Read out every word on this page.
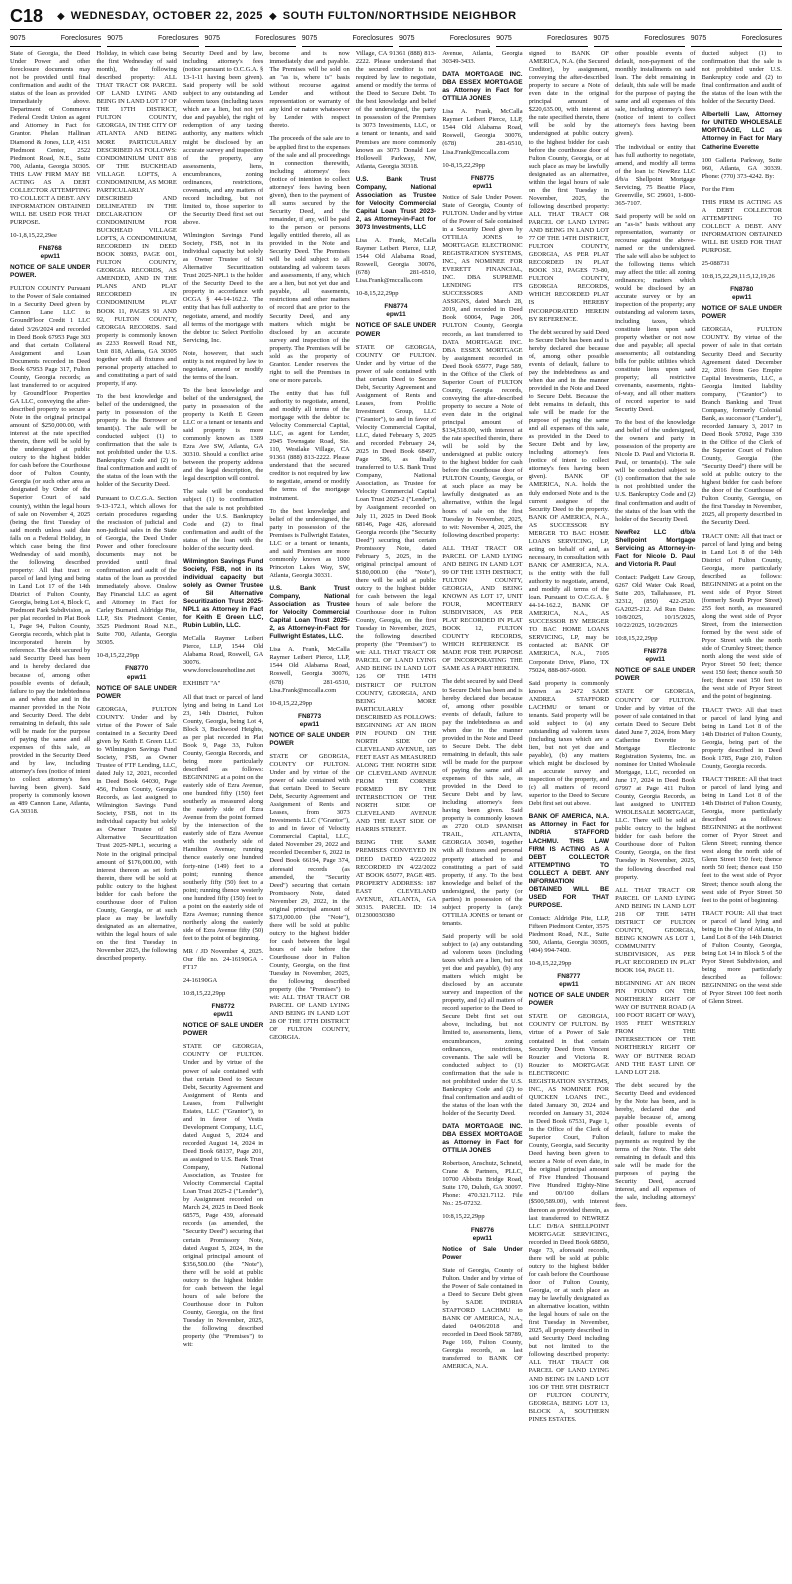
C18 ◆ WEDNESDAY, OCTOBER 22, 2025 ◆ SOUTH FULTON/NORTHSIDE NEIGHBOR
9075	Foreclosures 9075	Foreclosures 9075	Foreclosures 9075	Foreclosures 9075	Foreclosures 9075	Foreclosures 9075	Foreclosures 9075	Foreclosures

State of Georgia, the Deed Under Power and other foreclosure documents may not be provided until final confirmation and audit of the status of the loan as provided immediately above. Department of Commerce Federal Credit Union as agent and Attorney in Fact for Grantor. Phelan Hallinan Diamond & Jones, LLP, 4151 Piedmont Center, 2522 Piedmont Road, N.E., Suite 700, Atlanta, Georgia 30305. THIS LAW FIRM MAY BE ACTING AS A DEBT COLLECTOR ATTEMPTING TO COLLECT A DEBT. ANY INFORMATION OBTAINED WILL BE USED FOR THAT PURPOSE.

10-1,8,15,22,29ee

FN8768
epw11

NOTICE OF SALE UNDER POWER.

FULTON COUNTY Pursuant to the Power of Sale contained in a Security Deed given by Cannon Lane LLC to GroundFloor Credit 1 LLC dated 3/26/2024 and recorded in Deed Book 67953 Page 303 and that certain Collateral Assignment and Loan Documents recorded in Deed Book 67953 Page 317, Fulton County, Georgia records; as last transferred to or acquired by GroundFloor Properties GA LLC, conveying the after-described property to secure a Note in the original principal amount of $250,000.00, with interest at the rate specified therein, there will be sold by the undersigned at public outcry to the highest bidder for cash before the Courthouse door of Fulton County, Georgia (or such other area as designated by Order of the Superior Court of said county), within the legal hours of sale on November 4, 2025 (being the first Tuesday of said month unless said date falls on a Federal Holiday, in which case being the first Wednesday of said month), the following described property: All that tract or parcel of land lying and being in Land Lot 17 of the 14th District of Fulton County, Georgia, being Lot 4, Block C, Piedmont Park Subdivision, as per plat recorded in Plat Book 1, Page 94, Fulton County, Georgia records, which plat is incorporated herein by reference. The debt secured by said Security Deed has been and is hereby declared due because of, among other possible events of default, failure to pay the indebtedness as and when due and in the manner provided in the Note and Security Deed. The debt remaining in default, this sale will be made for the purpose of paying the same and all expenses of this sale, as provided in the Security Deed and by law, including attorney's fees (notice of intent to collect attorney's fees having been given). Said property is commonly known as 489 Cannon Lane, Atlanta, GA 30318.

Holiday, in which case being the first Wednesday of said month), the following described property: ALL THAT TRACT OR PARCEL OF LAND LYING AND BEING IN LAND LOT 17 OF THE 17TH DISTRICT, FULTON COUNTY, GEORGIA, IN THE CITY OF ATLANTA AND BEING MORE PARTICULARLY DESCRIBED AS FOLLOWS: CONDOMINIUM UNIT 818 OF THE BUCKHEAD VILLAGE LOFTS, A CONDOMINIUM, AS MORE PARTICULARLY DESCRIBED AND DELINEATED IN THE DECLARATION OF CONDOMINIUM FOR BUCKHEAD VILLAGE LOFTS, A CONDOMINIUM, RECORDED IN DEED BOOK 30893, PAGE 001, FULTON COUNTY, GEORGIA RECORDS, AS AMENDED, AND IN THE PLANS AND PLAT RECORDED IN CONDOMINIUM PLAT BOOK 11, PAGES 91 AND 92, FULTON COUNTY, GEORGIA RECORDS. Said property is commonly known as 2233 Roswell Road NE, Unit 818, Atlanta, GA 30305 together with all fixtures and personal property attached to and constituting a part of said property, if any.

To the best knowledge and belief of the undersigned, the party in possession of the property is the Borrower or tenant(s). The sale will be conducted subject (1) to confirmation that the sale is not prohibited under the U.S. Bankruptcy Code and (2) to final confirmation and audit of the status of the loan with the holder of the Security Deed.

Pursuant to O.C.G.A. Section 9-13-172.1, which allows for certain procedures regarding the rescission of judicial and non-judicial sales in the State of Georgia, the Deed Under Power and other foreclosure documents may not be provided until final confirmation and audit of the status of the loan as provided immediately above. Onslow Bay Financial LLC as agent and Attorney in Fact for Carley Burnard. Aldridge Pite, LLP, Six Piedmont Center, 3525 Piedmont Road N.E., Suite 700, Atlanta, Georgia 30305.

10-8,15,22,29pp

FN8770
epw11

NOTICE OF SALE UNDER POWER

GEORGIA, FULTON COUNTY. Under and by virtue of the Power of Sale contained in a Security Deed given by Keith E Green LLC to Wilmington Savings Fund Society, FSB, as Owner Trustee of FTF Lending, LLC, dated July 12, 2021, recorded in Deed Book 64030, Page 456, Fulton County, Georgia Records, as last assigned to Wilmington Savings Fund Society, FSB, not in its individual capacity but solely as Owner Trustee of Sil Alternative Securitization Trust 2025-NPL1, securing a Note in the original principal amount of $176,000.00, with interest thereon as set forth therein, there will be sold at public outcry to the highest bidder for cash before the courthouse door of Fulton County, Georgia, or at such place as may be lawfully designated as an alternative, within the legal hours of sale on the first Tuesday in November 2025, the following described property.

Security Deed and by law, including attorney's fees (notice pursuant to O.C.G.A. § 13-1-11 having been given). Said property will be sold subject to any outstanding ad valorem taxes (including taxes which are a lien, but not yet due and payable), the right of redemption of any taxing authority, any matters which might be disclosed by an accurate survey and inspection of the property, any assessments, liens, encumbrances, zoning ordinances, restrictions, covenants, and any matters of record including, but not limited to, those superior to the Security Deed first set out above.

Wilmington Savings Fund Society, FSB, not in its individual capacity but solely as Owner Trustee of Sil Alternative Securitization Trust 2025-NPL1 is the holder of the Security Deed to the property in accordance with OCGA § 44-14-162.2. The entity that has full authority to negotiate, amend, and modify all terms of the mortgage with the debtor is: Select Portfolio Servicing, Inc.

Note, however, that such entity is not required by law to negotiate, amend or modify the terms of the loan.

To the best knowledge and belief of the undersigned, the party in possession of the property is Keith E Green LLC or a tenant or tenants and said property is more commonly known as 1389 Ezra Ave SW, Atlanta, GA 30310. Should a conflict arise between the property address and the legal description, the legal description will control.

The sale will be conducted subject (1) to confirmation that the sale is not prohibited under the U.S. Bankruptcy Code and (2) to final confirmation and audit of the status of the loan with the holder of the security deed.

Wilmington Savings Fund Society, FSB, not in its individual capacity but solely as Owner Trustee of Sil Alternative Securitization Trust 2025-NPL1 as Attorney in Fact for Keith E Green LLC, Rubin Lublin, LLC.

McCalla Raymer Leibert Pierce, LLP, 1544 Old Alabama Road, Roswell, GA 30076. www.foreclosurehotline.net

EXHIBIT "A"

All that tract or parcel of land lying and being in Land Lot 23, 14th District, Fulton County, Georgia, being Lot 4, Block 3, Buckwood Heights, as per plat recorded in Plat Book 9, Page 33, Fulton County, Georgia Records, and being more particularly described as follows: BEGINNING at a point on the easterly side of Ezra Avenue, one hundred fifty (150) feet southerly as measured along the easterly side of Ezra Avenue from the point formed by the intersection of the easterly side of Ezra Avenue with the southerly side of Hamilton Avenue; running thence easterly one hundred forty-nine (149) feet to a point; running thence southerly fifty (50) feet to a point; running thence westerly one hundred fifty (150) feet to a point on the easterly side of Ezra Avenue; running thence northerly along the easterly side of Ezra Avenue fifty (50) feet to the point of beginning.

MR / JD November 4, 2025. Our file no. 24-16190GA - FT17

24-16190GA

10:8,15,22,29pp

FN8772
epw11

NOTICE OF SALE UNDER POWER

STATE OF GEORGIA, COUNTY OF FULTON. Under and by virtue of the power of sale contained with that certain Deed to Secure Debt, Security Agreement and Assignment of Rents and Leases, from Fullwright Estates, LLC ("Grantor"), to and in favor of Vestis Development Company, LLC, dated August 5, 2024 and recorded August 14, 2024 in Deed Book 68137, Page 201, as assigned to U.S. Bank Trust Company, National Association, as Trustee for Velocity Commercial Capital Loan Trust 2025-2 ("Lender"), by Assignment recorded on March 24, 2025 in Deed Book 68575, Page 439, aforesaid records (as amended, the "Security Deed") securing that certain Promissory Note, dated August 5, 2024, in the original principal amount of $356,500.00 (the "Note"), there will be sold at public outcry to the highest bidder for cash between the legal hours of sale before the Courthouse door in Fulton County, Georgia, on the first Tuesday in November, 2025, the following described property (the "Premises") to wit:

become and is now immediately due and payable. The Premises will be sold on an "as is, where is" basis without recourse against Lender and without representation or warranty of any kind or nature whatsoever by Lender with respect thereto.

The proceeds of the sale are to be applied first to the expenses of the sale and all proceedings in connection therewith, including attorneys' fees (notice of intention to collect attorneys' fees having been given), then to the payment of all sums secured by the Security Deed, and the remainder, if any, will be paid to the person or persons legally entitled thereto, all as provided in the Note and Security Deed. The Premises will be sold subject to all outstanding ad valorem taxes and assessments, if any, which are a lien, but not yet due and payable, all easements, restrictions and other matters of record that are prior to the Security Deed, and any matters which might be disclosed by an accurate survey and inspection of the property. The Premises will be sold as the property of Grantor. Lender reserves the right to sell the Premises in one or more parcels.

The entity that has full authority to negotiate, amend, and modify all terms of the mortgage with the debtor is: Velocity Commercial Capital, LLC, as agent for Lender, 2945 Townsgate Road, Ste. 110, Westlake Village, CA 91361 (888) 813-2222. Please understand that the secured creditor is not required by law to negotiate, amend or modify the terms of the mortgage instrument.

To the best knowledge and belief of the undersigned, the party in possession of the Premises is Fullwright Estates, LLC or a tenant or tenants, and said Premises are more commonly known as 1000 Princeton Lakes Way, SW, Atlanta, Georgia 30331.

U.S. Bank Trust Company, National Association as Trustee for Velocity Commercial Capital Loan Trust 2025-2, as Attorney-in-Fact for Fullwright Estates, LLC.

Lisa A. Frank, McCalla Raymer Leibert Pierce, LLP, 1544 Old Alabama Road, Roswell, Georgia 30076, (678) 281-6510, Lisa.Frank@mccalla.com

10-8,15,22,29pp

FN8773
epw11

NOTICE OF SALE UNDER POWER

STATE OF GEORGIA, COUNTY OF FULTON. Under and by virtue of the power of sale contained with that certain Deed to Secure Debt, Security Agreement and Assignment of Rents and Leases, from 3073 Investments LLC ("Grantor"), to and in favor of Velocity Commercial Capital, LLC, dated November 29, 2022 and recorded December 6, 2022 in Deed Book 66194, Page 374, aforesaid records (as amended, the "Security Deed") securing that certain Promissory Note, dated November 29, 2022, in the original principal amount of $173,000.00 (the "Note"), there will be sold at public outcry to the highest bidder for cash between the legal hours of sale before the Courthouse door in Fulton County, Georgia, on the first Tuesday in November, 2025, the following described property (the "Premises") to wit: ALL THAT TRACT OR PARCEL OF LAND LYING AND BEING IN LAND LOT 28 OF THE 17TH DISTRICT OF FULTON COUNTY, GEORGIA.

Village, CA 91361 (888) 813-2222. Please understand that the secured creditor is not required by law to negotiate, amend or modify the terms of the Deed to Secure Debt. To the best knowledge and belief of the undersigned, the party in possession of the Premises is 3073 Investments, LLC, or a tenant or tenants, and said Premises are more commonly known as 3073 Donald Lee Hollowell Parkway, NW, Atlanta, Georgia 30318.

U.S. Bank Trust Company, National Association as Trustee for Velocity Commercial Capital Loan Trust 2023-2, as Attorney-in-Fact for 3073 Investments, LLC

Lisa A. Frank, McCalla Raymer Leibert Pierce, LLP, 1544 Old Alabama Road, Roswell, Georgia 30076, (678) 281-6510, Lisa.Frank@mccalla.com

10-8,15,22,29pp

FN8774
epw11

NOTICE OF SALE UNDER POWER

STATE OF GEORGIA, COUNTY OF FULTON. Under and by virtue of the power of sale contained with that certain Deed to Secure Debt, Security Agreement and Assignment of Rents and Leases, from Prolific Investment Group, LLC ("Grantor"), to and in favor of Velocity Commercial Capital, LLC, dated February 5, 2025 and recorded February 24, 2025 in Deed Book 68497, Page 586, as finally transferred to U.S. Bank Trust Company, National Association, as Trustee for Velocity Commercial Capital Loan Trust 2025-2 ("Lender"), by Assignment recorded on July 11, 2025 in Deed Book 68146, Page 426, aforesaid Georgia records (the "Security Deed") securing that certain Promissory Note, dated February 5, 2025, in the original principal amount of $180,000.00 (the "Note"), there will be sold at public outcry to the highest bidder for cash between the legal hours of sale before the Courthouse door in Fulton County, Georgia, on the first Tuesday in November, 2025, the following described property (the "Premises") to wit: ALL THAT TRACT OR PARCEL OF LAND LYING AND BEING IN LAND LOT 126 OF THE 14TH DISTRICT OF FULTON COUNTY, GEORGIA, AND BEING MORE PARTICULARLY DESCRIBED AS FOLLOWS: BEGINNING AT AN IRON PIN FOUND ON THE NORTH SIDE OF CLEVELAND AVENUE, 185 FEET EAST AS MEASURED ALONG THE NORTH SIDE OF CLEVELAND AVENUE FROM THE CORNER FORMED BY THE INTERSECTION OF THE NORTH SIDE OF CLEVELAND AVENUE AND THE EAST SIDE OF HARRIS STREET.

BEING THE SAME PREMISES CONVEYED IN DEED DATED 4/22/2022 RECORDED IN 4/22/2022 AT BOOK 65077, PAGE 485. PROPERTY ADDRESS: 187 EAST CLEVELAND AVENUE, ATLANTA, GA 30315. PARCEL ID: 14 012300030380

Avenue, Atlanta, Georgia 30349-3433.

DATA MORTGAGE INC. DBA ESSEX MORTGAGE as Attorney in Fact for OTTILIA JONES

Lisa A. Frank, McCalla Raymer Leibert Pierce, LLP, 1544 Old Alabama Road, Roswell, Georgia 30076, (678) 281-6510, Lisa.Frank@mccalla.com

10-8,15,22,29pp

FN8775
epw11

Notice of Sale Under Power. State of Georgia, County of FULTON. Under and by virtue of the Power of Sale contained in a Security Deed given by OTTILIA JONES to MORTGAGE ELECTRONIC REGISTRATION SYSTEMS, INC., AS NOMINEE FOR EVERETT FINANCIAL, INC. DBA SUPREME LENDING ITS SUCCESSORS AND ASSIGNS, dated March 28, 2019, and recorded in Deed Book 60064, Page 206, FULTON County, Georgia records, as last transferred to DATA MORTGAGE INC. DBA ESSEX MORTGAGE by assignment recorded in Deed Book 65977, Page 589, in the Office of the Clerk of Superior Court of FULTON County, Georgia records, conveying the after-described property to secure a Note of even date in the original principal amount of $134,518.00, with interest at the rate specified therein, there will be sold by the undersigned at public outcry to the highest bidder for cash before the courthouse door of FULTON County, Georgia, or at such place as may be lawfully designated as an alternative, within the legal hours of sale on the first Tuesday in November, 2025, to wit: November 4, 2025, the following described property:

ALL THAT TRACT OR PARCEL OF LAND LYING AND BEING IN LAND LOT 99 OF THE 13TH DISTRICT, FULTON COUNTY, GEORGIA, AND BEING KNOWN AS LOT 17, UNIT FOUR, MONTEREY SUBDIVISION, AS PER PLAT RECORDED IN PLAT BOOK 12, FULTON COUNTY RECORDS, WHICH REFERENCE IS MADE FOR THE PURPOSE OF INCORPORATING THE SAME AS A PART HEREIN.

The debt secured by said Deed to Secure Debt has been and is hereby declared due because of, among other possible events of default, failure to pay the indebtedness as and when due in the manner provided in the Note and Deed to Secure Debt. The debt remaining in default, this sale will be made for the purpose of paying the same and all expenses of this sale, as provided in the Deed to Secure Debt and by law, including attorney's fees having been given. Said property is commonly known as 2720 OLD SPANISH TRAIL, ATLANTA, GEORGIA 30349, together with all fixtures and personal property attached to and constituting a part of said property, if any. To the best knowledge and belief of the undersigned, the party (or parties) in possession of the subject property is (are): OTTILIA JONES or tenant or tenants.

Said property will be sold subject to (a) any outstanding ad valorem taxes (including taxes which are a lien, but not yet due and payable), (b) any matters which might be disclosed by an accurate survey and inspection of the property, and (c) all matters of record superior to the Deed to Secure Debt first set out above, including, but not limited to, assessments, liens, encumbrances, zoning ordinances, restrictions, covenants. The sale will be conducted subject to (1) confirmation that the sale is not prohibited under the U.S. Bankruptcy Code and (2) to final confirmation and audit of the status of the loan with the holder of the Security Deed.

DATA MORTGAGE INC. DBA ESSEX MORTGAGE as Attorney in Fact for OTTILIA JONES

Robertson, Anschutz, Schneid, Crane & Partners, PLLC, 10700 Abbotts Bridge Road, Suite 170, Duluth, GA 30097. Phone: 470.321.7112. File No.: 25-07232.

10:8,15,22,29pp

FN8776
epw11

Notice of Sale Under Power

State of Georgia, County of Fulton. Under and by virtue of the Power of Sale contained in a Deed to Secure Debt given by SADE INDRIA STAFFORD LACHMU to BANK OF AMERICA, N.A., dated 04/06/2018 and recorded in Deed Book 58789, Page 169, Fulton County, Georgia records, as last transferred to BANK OF AMERICA, N.A.

signed to BANK OF AMERICA, N.A. (the Secured Creditor), by assignment, conveying the after-described property to secure a Note of even date in the original principal amount of $220,635.00, with interest at the rate specified therein, there will be sold by the undersigned at public outcry to the highest bidder for cash before the courthouse door of Fulton County, Georgia, or at such place as may be lawfully designated as an alternative, within the legal hours of sale on the first Tuesday in November, 2025, the following described property: ALL THAT TRACT OR PARCEL OF LAND LYING AND BEING IN LAND LOT 77 OF THE 14TH DISTRICT, FULTON COUNTY, GEORGIA, AS PER PLAT RECORDED IN PLAT BOOK 312, PAGES 73-80, FULTON COUNTY, GEORGIA RECORDS, WHICH RECORDED PLAT IS HEREBY INCORPORATED HEREIN BY REFERENCE.

The debt secured by said Deed to Secure Debt has been and is hereby declared due because of, among other possible events of default, failure to pay the indebtedness as and when due and in the manner provided in the Note and Deed to Secure Debt. Because the debt remains in default, this sale will be made for the purpose of paying the same and all expenses of this sale, as provided in the Deed to Secure Debt and by law, including attorney's fees (notice of intent to collect attorney's fees having been given). BANK OF AMERICA, N.A. holds the duly endorsed Note and is the current assignee of the Security Deed to the property. BANK OF AMERICA, N.A., AS SUCCESSOR BY MERGER TO BAC HOME LOANS SERVICING, LP, acting on behalf of and, as necessary, in consultation with BANK OF AMERICA, N.A. is the entity with the full authority to negotiate, amend, and modify all terms of the loan. Pursuant to O.C.G.A. § 44-14-162.2, BANK OF AMERICA, N.A., AS SUCCESSOR BY MERGER TO BAC HOME LOANS SERVICING, LP, may be contacted at: BANK OF AMERICA, N.A., 7105 Corporate Drive, Plano, TX 75024, 888-867-6600.

Said property is commonly known as 2472 SADE ANDREA STAFFORD LACHMU or tenant or tenants. Said property will be sold subject to (a) any outstanding ad valorem taxes (including taxes which are a lien, but not yet due and payable), (b) any matters which might be disclosed by an accurate survey and inspection of the property, and (c) all matters of record superior to the Deed to Secure Debt first set out above.

BANK OF AMERICA, N.A. as Attorney in Fact for INDRIA STAFFORD LACHMU. THIS LAW FIRM IS ACTING AS A DEBT COLLECTOR ATTEMPTING TO COLLECT A DEBT. ANY INFORMATION OBTAINED WILL BE USED FOR THAT PURPOSE.

Contact: Aldridge Pite, LLP, Fifteen Piedmont Center, 3575 Piedmont Road, N.E., Suite 500, Atlanta, Georgia 30305, (404) 994-7400.

10-8,15,22,29pp

FN8777
epw11

NOTICE OF SALE UNDER POWER

STATE OF GEORGIA, COUNTY OF FULTON. By virtue of a Power of Sale contained in that certain Security Deed from Vincent Rouzier and Victoria R. Rouzier to MORTGAGE ELECTRONIC REGISTRATION SYSTEMS, INC., AS NOMINEE FOR QUICKEN LOANS INC., dated January 30, 2024 and recorded on January 31, 2024 in Deed Book 67531, Page 1, in the Office of the Clerk of Superior Court, Fulton County, Georgia, said Security Deed having been given to secure a Note of even date, in the original principal amount of Five Hundred Thousand Five Hundred Eighty-Nine and 00/100 dollars ($500,589.00), with interest thereon as provided therein, as last transferred to NEWREZ LLC D/B/A SHELLPOINT MORTGAGE SERVICING, recorded in Deed Book 68850, Page 73, aforesaid records, there will be sold at public outcry to the highest bidder for cash before the Courthouse door of Fulton County, Georgia, or at such place as may be lawfully designated as an alternative location, within the legal hours of sale on the first Tuesday in November, 2025, all property described in said Security Deed including but not limited to the following described property: ALL THAT TRACT OR PARCEL OF LAND LYING AND BEING IN LAND LOT 106 OF THE 9TH DISTRICT OF FULTON COUNTY, GEORGIA, BEING LOT 13, BLOCK A, SOUTHERN PINES ESTATES.

other possible events of default, non-payment of the monthly installments on said loan. The debt remaining in default, this sale will be made for the purpose of paying the same and all expenses of this sale, including attorney's fees (notice of intent to collect attorney's fees having been given).

The individual or entity that has full authority to negotiate, amend, and modify all terms of the loan is: NewRez LLC d/b/a Shellpoint Mortgage Servicing, 75 Beattie Place, Greenville, SC 29601, 1-800-365-7107.

Said property will be sold on an "as-is" basis without any representation, warranty or recourse against the above-named or the undersigned. The sale will also be subject to the following items which may affect the title: all zoning ordinances; matters which would be disclosed by an accurate survey or by an inspection of the property; any outstanding ad valorem taxes, including taxes, which constitute liens upon said property whether or not now due and payable; all special assessments; all outstanding bills for public utilities which constitute liens upon said property; all restrictive covenants, easements, rights-of-way, and all other matters of record superior to said Security Deed.

To the best of the knowledge and belief of the undersigned, the owners and party in possession of the property are Nicole D. Paul and Victoria R. Paul, or tenants(s). The sale will be conducted subject to (1) confirmation that the sale is not prohibited under the U.S. Bankruptcy Code and (2) final confirmation and audit of the status of the loan with the holder of the Security Deed.

NewRez LLC d/b/a Shellpoint Mortgage Servicing as Attorney-in-Fact for Nicole D. Paul and Victoria R. Paul

Contact: Padgett Law Group, 6267 Old Water Oak Road, Suite 203, Tallahassee, FL 32312, (850) 422-2520. GA2025-212. Ad Run Dates: 10/8/2025, 10/15/2025, 10/22/2025, 10/29/2025

10:8,15,22,29pp

FN8778
epw11

NOTICE OF SALE UNDER POWER

STATE OF GEORGIA, COUNTY OF FULTON. Under and by virtue of the power of sale contained in that certain Deed to Secure Debt dated June 7, 2024, from Mary Catherine Everette to Mortgage Electronic Registration Systems, Inc. as nominee for United Wholesale Mortgage, LLC, recorded on June 17, 2024 in Deed Book 67997 at Page 411 Fulton County, Georgia Records, as last assigned to UNITED WHOLESALE MORTGAGE, LLC. There will be sold at public outcry to the highest bidder for cash before the Courthouse door of Fulton County, Georgia, on the first Tuesday in November, 2025, the following described real property.

ALL THAT TRACT OR PARCEL OF LAND LYING AND BEING IN LAND LOT 218 OF THE 14TH DISTRICT OF FULTON COUNTY, GEORGIA, BEING KNOWN AS LOT 1, COMMUNITY SUBDIVISION, AS PER PLAT RECORDED IN PLAT BOOK 164, PAGE 11.

BEGINNING AT AN IRON PIN FOUND ON THE NORTHERLY RIGHT OF WAY OF BUTNER ROAD (A 100 FOOT RIGHT OF WAY), 1935 FEET WESTERLY FROM THE INTERSECTION OF THE NORTHERLY RIGHT OF WAY OF BUTNER ROAD AND THE EAST LINE OF LAND LOT 218.

The debt secured by the Security Deed and evidenced by the Note has been, and is hereby, declared due and payable because of, among other possible events of default, failure to make the payments as required by the terms of the Note. The debt remaining in default and this sale will be made for the purposes of paying the Security Deed, accrued interest, and all expenses of the sale, including attorneys' fees.

ducted subject (1) to confirmation that the sale is not prohibited under U.S. Bankruptcy code and (2) to final confirmation and audit of the status of the loan with the holder of the Security Deed.

Albertelli Law, Attorney for UNITED WHOLESALE MORTGAGE, LLC as Attorney in Fact for Mary Catherine Everette

100 Galleria Parkway, Suite 960, Atlanta, GA 30339. Phone: (770) 373-4242. By:

For the Firm

THIS FIRM IS ACTING AS A DEBT COLLECTOR ATTEMPTING TO COLLECT A DEBT. ANY INFORMATION OBTAINED WILL BE USED FOR THAT PURPOSE.

25-088731

10:8,15,22,29,11:5,12,19,26

FN8780
epw11

NOTICE OF SALE UNDER POWER

GEORGIA, FULTON COUNTY. By virtue of the power of sale in that certain Security Deed and Security Agreement dated December 22, 2016 from Geo Empire Capital Investments, LLC, a Georgia limited liability company, ("Grantor") to Branch Banking and Trust Company, formerly Colonial Bank, as successor ("Lender"), recorded January 3, 2017 in Deed Book 57092, Page 339 in the Office of the Clerk of the Superior Court of Fulton County, Georgia (the "Security Deed") there will be sold at public outcry to the highest bidder for cash before the door of the Courthouse of Fulton County, Georgia, on the first Tuesday in November, 2025, all property described in the Security Deed.

TRACT ONE: All that tract or parcel of land lying and being in Land Lot 8 of the 14th District of Fulton County, Georgia, more particularly described as follows: BEGINNING at a point on the west side of Pryor Street (formerly South Pryor Street) 255 feet north, as measured along the west side of Pryor Street, from the intersection formed by the west side of Pryor Street with the north side of Crumley Street; thence north along the west side of Pryor Street 50 feet; thence west 150 feet; thence south 50 feet; thence east 150 feet to the west side of Pryor Street and the point of beginning.

TRACT TWO: All that tract or parcel of land lying and being in Land Lot 8 of the 14th District of Fulton County, Georgia, being part of the property described in Deed Book 1785, Page 210, Fulton County, Georgia records.

TRACT THREE: All that tract or parcel of land lying and being in Land Lot 8 of the 14th District of Fulton County, Georgia, more particularly described as follows: BEGINNING at the northwest corner of Pryor Street and Glenn Street; running thence west along the north side of Glenn Street 150 feet; thence north 50 feet; thence east 150 feet to the west side of Pryor Street; thence south along the west side of Pryor Street 50 feet to the point of beginning.

TRACT FOUR: All that tract or parcel of land lying and being in the City of Atlanta, in Land Lot 8 of the 14th District of Fulton County, Georgia, being Lot 14 in Block 5 of the Pryor Street Subdivision, and being more particularly described as follows: BEGINNING on the west side of Pryor Street 100 feet north of Glenn Street.
